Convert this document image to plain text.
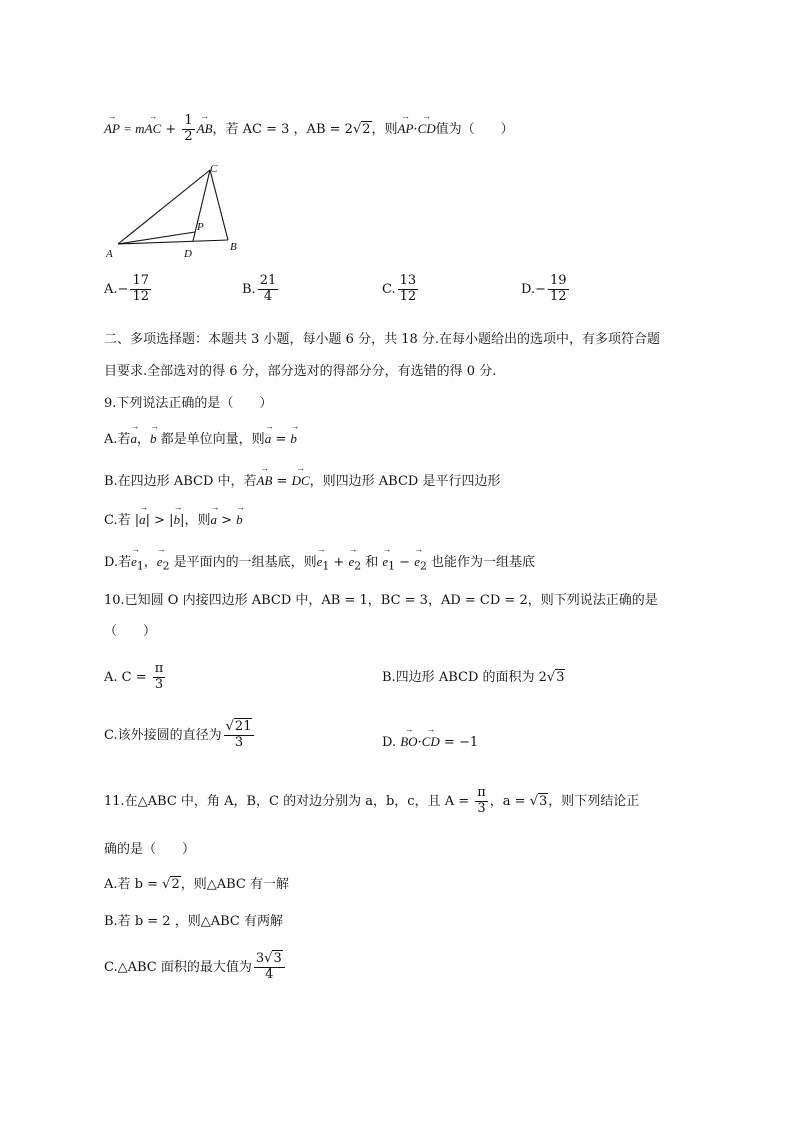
→ AP = m→ AC + $\frac{1}{2}$
→ AB，若 AC = 3 ，AB = 2√2，则→ AP·→ CD值为（　　）
A
B
C
D
P
$A.- \frac{17}{12}$	B. $\frac{21}{4}$	C. $\frac{13}{12}$	$D.- \frac{19}{12}$
二、多项选择题：本题共 3 小题，每小题 6 分，共 18 分.在每小题给出的选项中，有多项符合题
目要求.全部选对的得 6 分，部分选对的得部分分，有选错的得 0 分.
9.下列说法正确的是（　　）
A.若→ a，→ b 都是单位向量，则→ a = → b
B.在四边形 ABCD 中，若→ AB = → DC，则四边形 ABCD 是平行四边形
C.若 |→ a| > |→ b|，则→ a > → b
D.若→ $e_1$，→ $e_2$ 是平面内的一组基底，则→ $e_1$ + → $e_2$ 和 → $e_1$ − → $e_2$ 也能作为一组基底
10.已知圆 O 内接四边形 ABCD 中，AB = 1，BC = 3，AD = CD = 2，则下列说法正确的是
（　　）
A. $C = \frac{\pi}{3}$	B.四边形 ABCD 的面积为 2√3
C.该外接圆的直径为 $\frac{√21}{3}$	D. → BO·→ CD = −1
11.在△ABC 中，角 A，B，C 的对边分别为 a，b，c，且 $A = \frac{\pi}{3}$ ，a = √3，则下列结论正
确的是（　　）
A.若 b = √2，则△ABC 有一解
B.若 b = 2 ，则△ABC 有两解
C.△ABC 面积的最大值为 $\frac{3√3}{4}$
